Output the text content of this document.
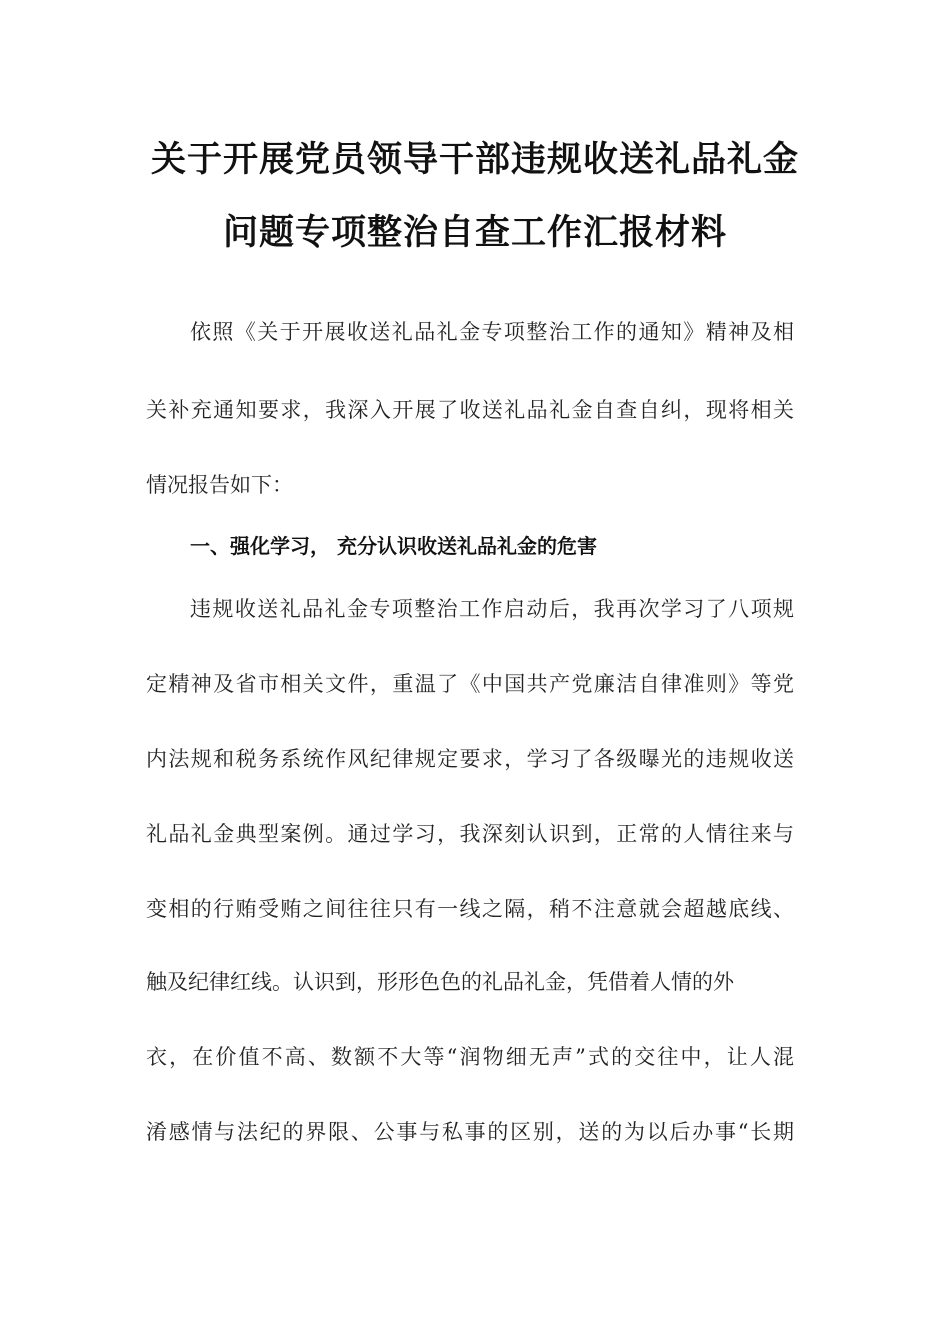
关于开展党员领导干部违规收送礼品礼金
问题专项整治自查工作汇报材料
依照《关于开展收送礼品礼金专项整治工作的通知》精神及相
关补充通知要求，我深入开展了收送礼品礼金自查自纠，现将相关
情况报告如下：
一、强化学习， 充分认识收送礼品礼金的危害
违规收送礼品礼金专项整治工作启动后，我再次学习了八项规
定精神及省市相关文件，重温了《中国共产党廉洁自律准则》等党
内法规和税务系统作风纪律规定要求，学习了各级曝光的违规收送
礼品礼金典型案例。通过学习，我深刻认识到，正常的人情往来与
变相的行贿受贿之间往往只有一线之隔，稍不注意就会超越底线、
触及纪律红线。认识到，形形色色的礼品礼金，凭借着人情的外
衣，在价值不高、数额不大等“润物细无声”式的交往中，让人混
淆感情与法纪的界限、公事与私事的区别，送的为以后办事“长期
